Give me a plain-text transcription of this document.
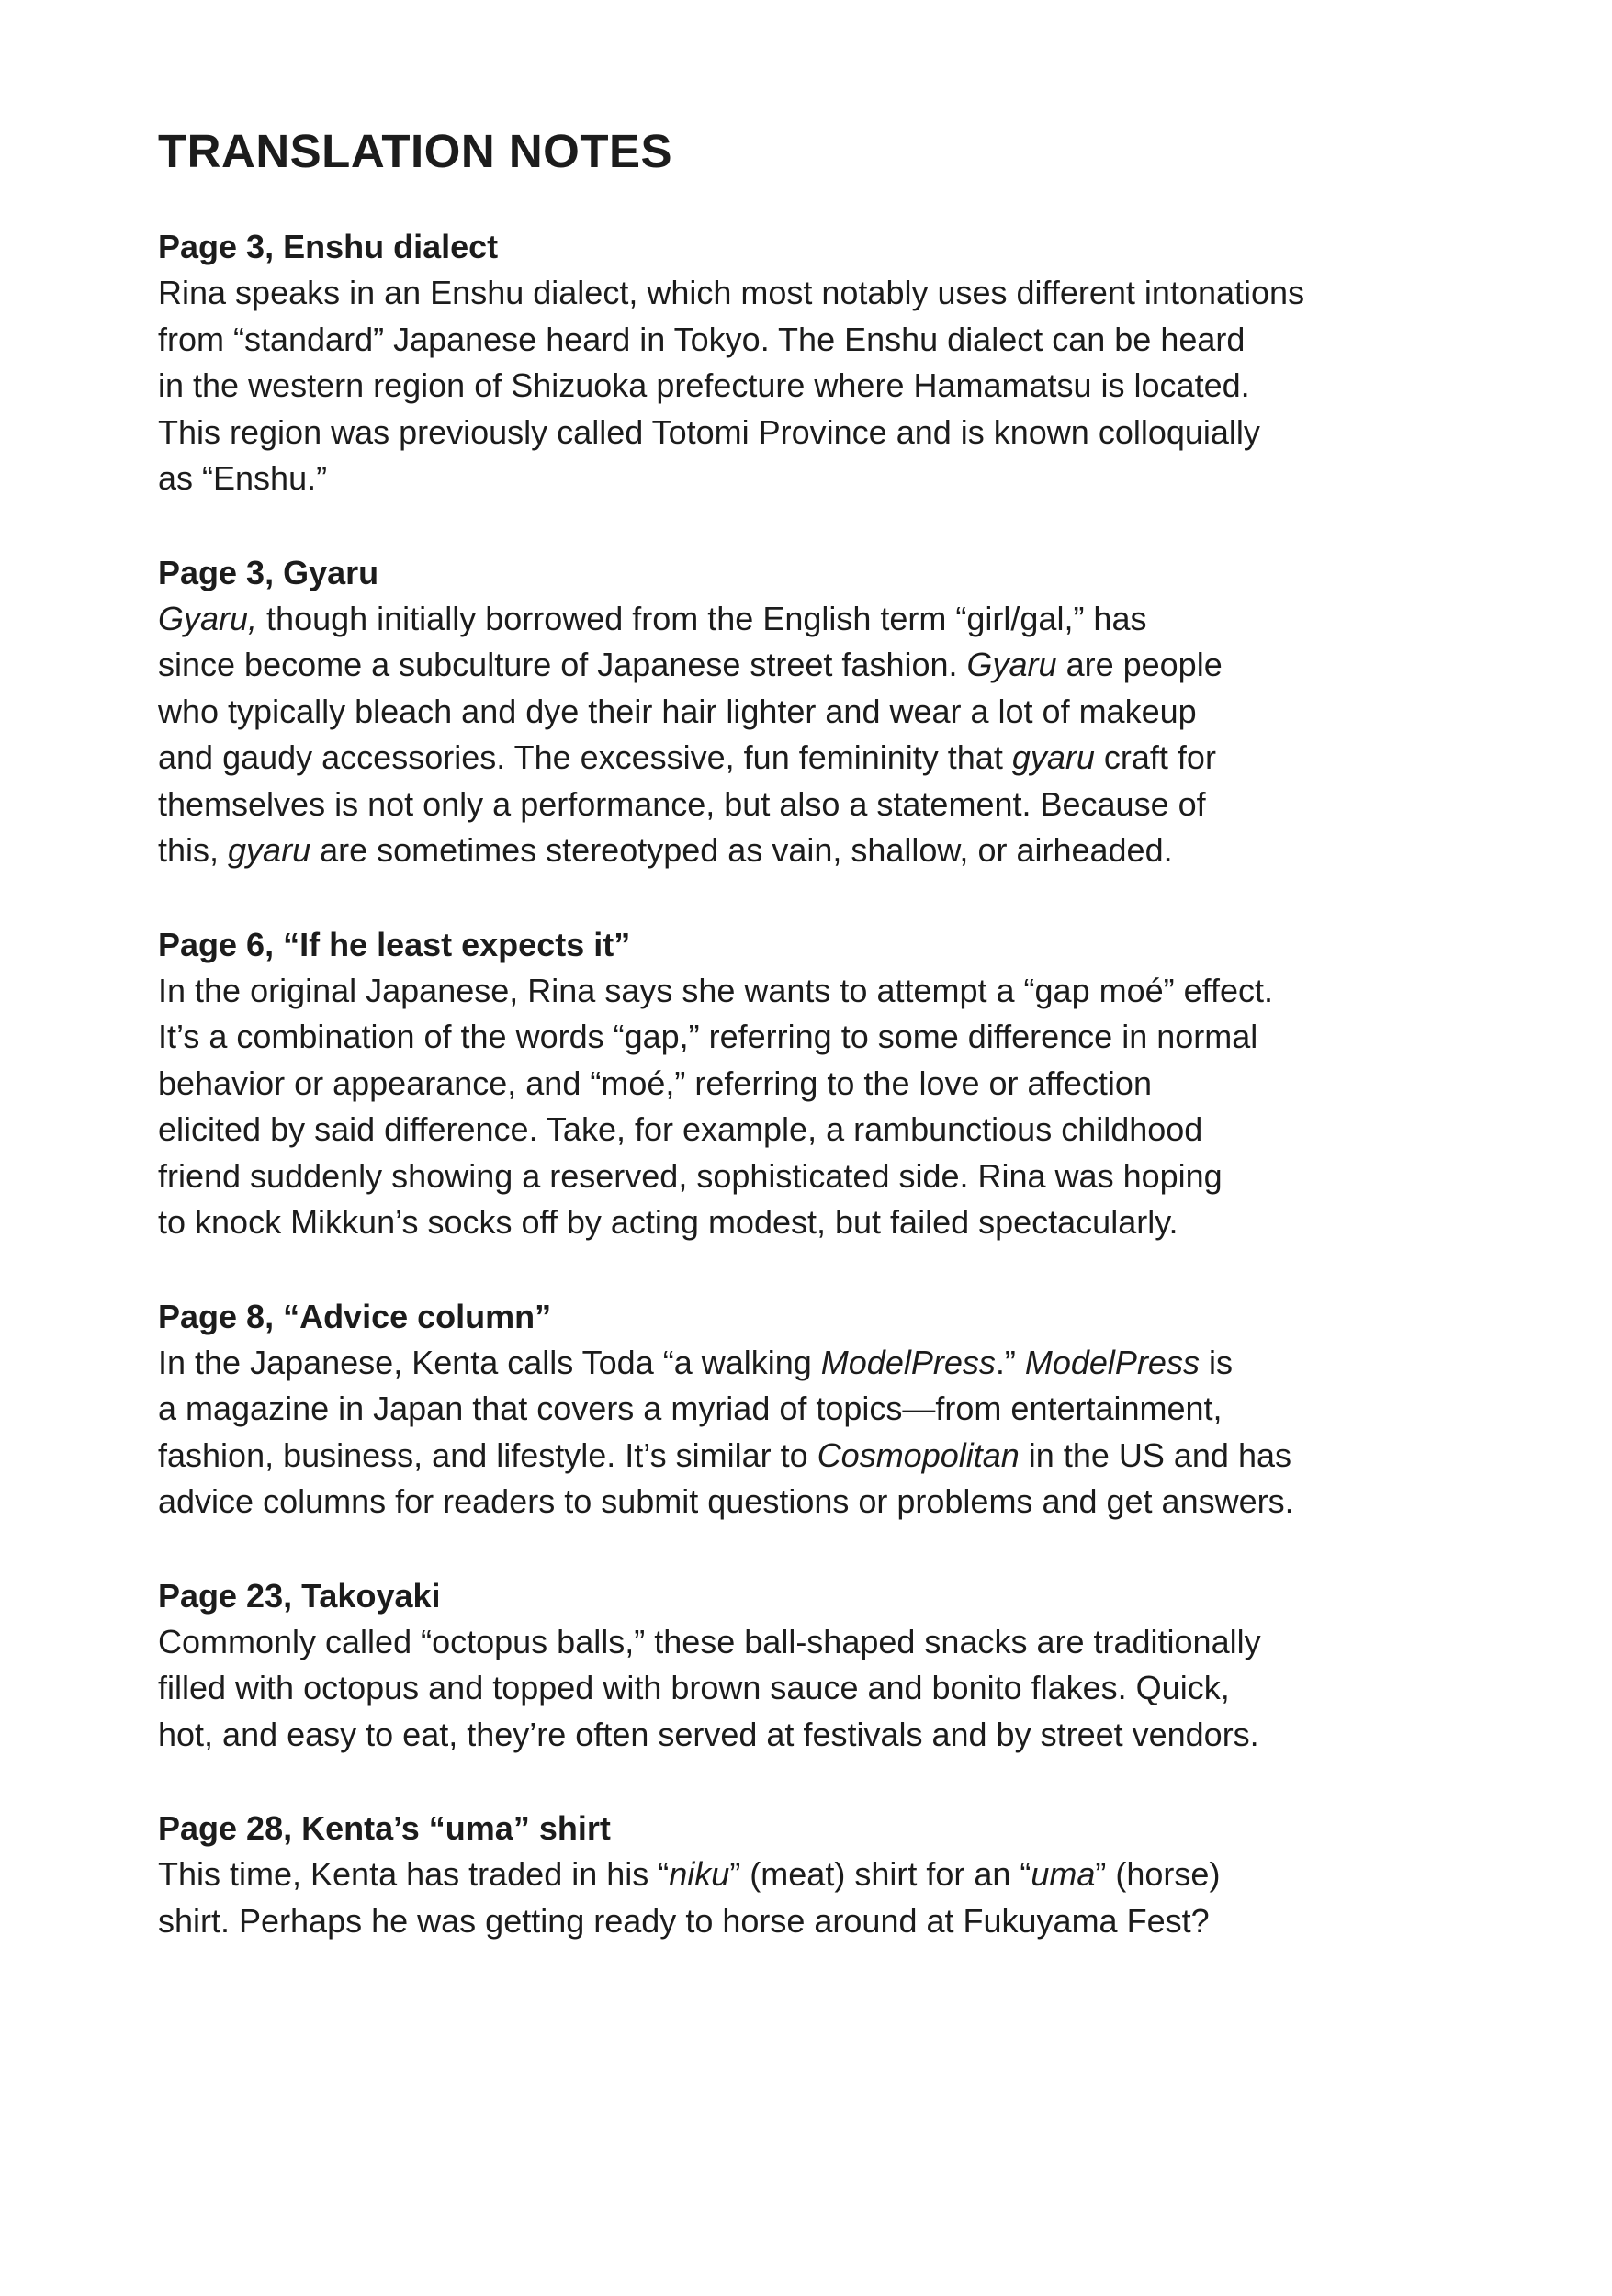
TRANSLATION NOTES
Page 3, Enshu dialect

Rina speaks in an Enshu dialect, which most notably uses different intonations
from “standard” Japanese heard in Tokyo. The Enshu dialect can be heard
in the western region of Shizuoka prefecture where Hamamatsu is located.
This region was previously called Totomi Province and is known colloquially
as “Enshu.”

Page 3, Gyaru

Gyaru, though initially borrowed from the English term “girl/gal,” has
since become a subculture of Japanese street fashion. Gyaru are people
who typically bleach and dye their hair lighter and wear a lot of makeup
and gaudy accessories. The excessive, fun femininity that gyaru craft for
themselves is not only a performance, but also a statement. Because of
this, gyaru are sometimes stereotyped as vain, shallow, or airheaded.

Page 6, “If he least expects it”

In the original Japanese, Rina says she wants to attempt a “gap moé” effect.
It’s a combination of the words “gap,” referring to some difference in normal
behavior or appearance, and “moé,” referring to the love or affection
elicited by said difference. Take, for example, a rambunctious childhood
friend suddenly showing a reserved, sophisticated side. Rina was hoping
to knock Mikkun’s socks off by acting modest, but failed spectacularly.

Page 8, “Advice column”

In the Japanese, Kenta calls Toda “a walking ModelPress.” ModelPress is
a magazine in Japan that covers a myriad of topics—from entertainment,
fashion, business, and lifestyle. It’s similar to Cosmopolitan in the US and has
advice columns for readers to submit questions or problems and get answers.

Page 23, Takoyaki

Commonly called “octopus balls,” these ball-shaped snacks are traditionally
filled with octopus and topped with brown sauce and bonito flakes. Quick,
hot, and easy to eat, they’re often served at festivals and by street vendors.

Page 28, Kenta’s “uma” shirt

This time, Kenta has traded in his “niku” (meat) shirt for an “uma” (horse)
shirt. Perhaps he was getting ready to horse around at Fukuyama Fest?
